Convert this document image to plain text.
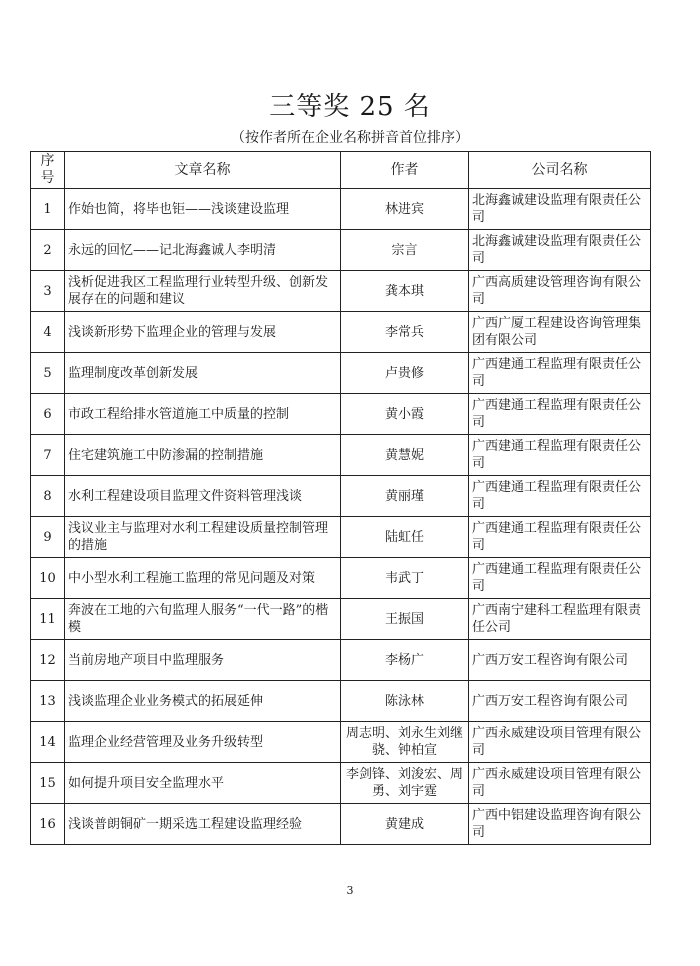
三等奖 25 名
（按作者所在企业名称拼音首位排序）
序号	文章名称	作者	公司名称
1	作始也简，将毕也钜——浅谈建设监理	林进宾	北海鑫诚建设监理有限责任公司
2	永远的回忆——记北海鑫诚人李明清	宗言	北海鑫诚建设监理有限责任公司
3	浅析促进我区工程监理行业转型升级、创新发展存在的问题和建议	龚本琪	广西高质建设管理咨询有限公司
4	浅谈新形势下监理企业的管理与发展	李常兵	广西广厦工程建设咨询管理集团有限公司
5	监理制度改革创新发展	卢贵修	广西建通工程监理有限责任公司
6	市政工程给排水管道施工中质量的控制	黄小霞	广西建通工程监理有限责任公司
7	住宅建筑施工中防渗漏的控制措施	黄慧妮	广西建通工程监理有限责任公司
8	水利工程建设项目监理文件资料管理浅谈	黄丽瑾	广西建通工程监理有限责任公司
9	浅议业主与监理对水利工程建设质量控制管理的措施	陆虹任	广西建通工程监理有限责任公司
10	中小型水利工程施工监理的常见问题及对策	韦武丁	广西建通工程监理有限责任公司
11	奔波在工地的六旬监理人服务“一代一路”的楷模	王振国	广西南宁建科工程监理有限责任公司
12	当前房地产项目中监理服务	李杨广	广西万安工程咨询有限公司
13	浅谈监理企业业务模式的拓展延伸	陈泳林	广西万安工程咨询有限公司
14	监理企业经营管理及业务升级转型	周志明、刘永生刘继骁、钟柏宣	广西永威建设项目管理有限公司
15	如何提升项目安全监理水平	李剑锋、刘浚宏、周勇、刘宇霆	广西永威建设项目管理有限公司
16	浅谈普朗铜矿一期采选工程建设监理经验	黄建成	广西中铝建设监理咨询有限公司
3
